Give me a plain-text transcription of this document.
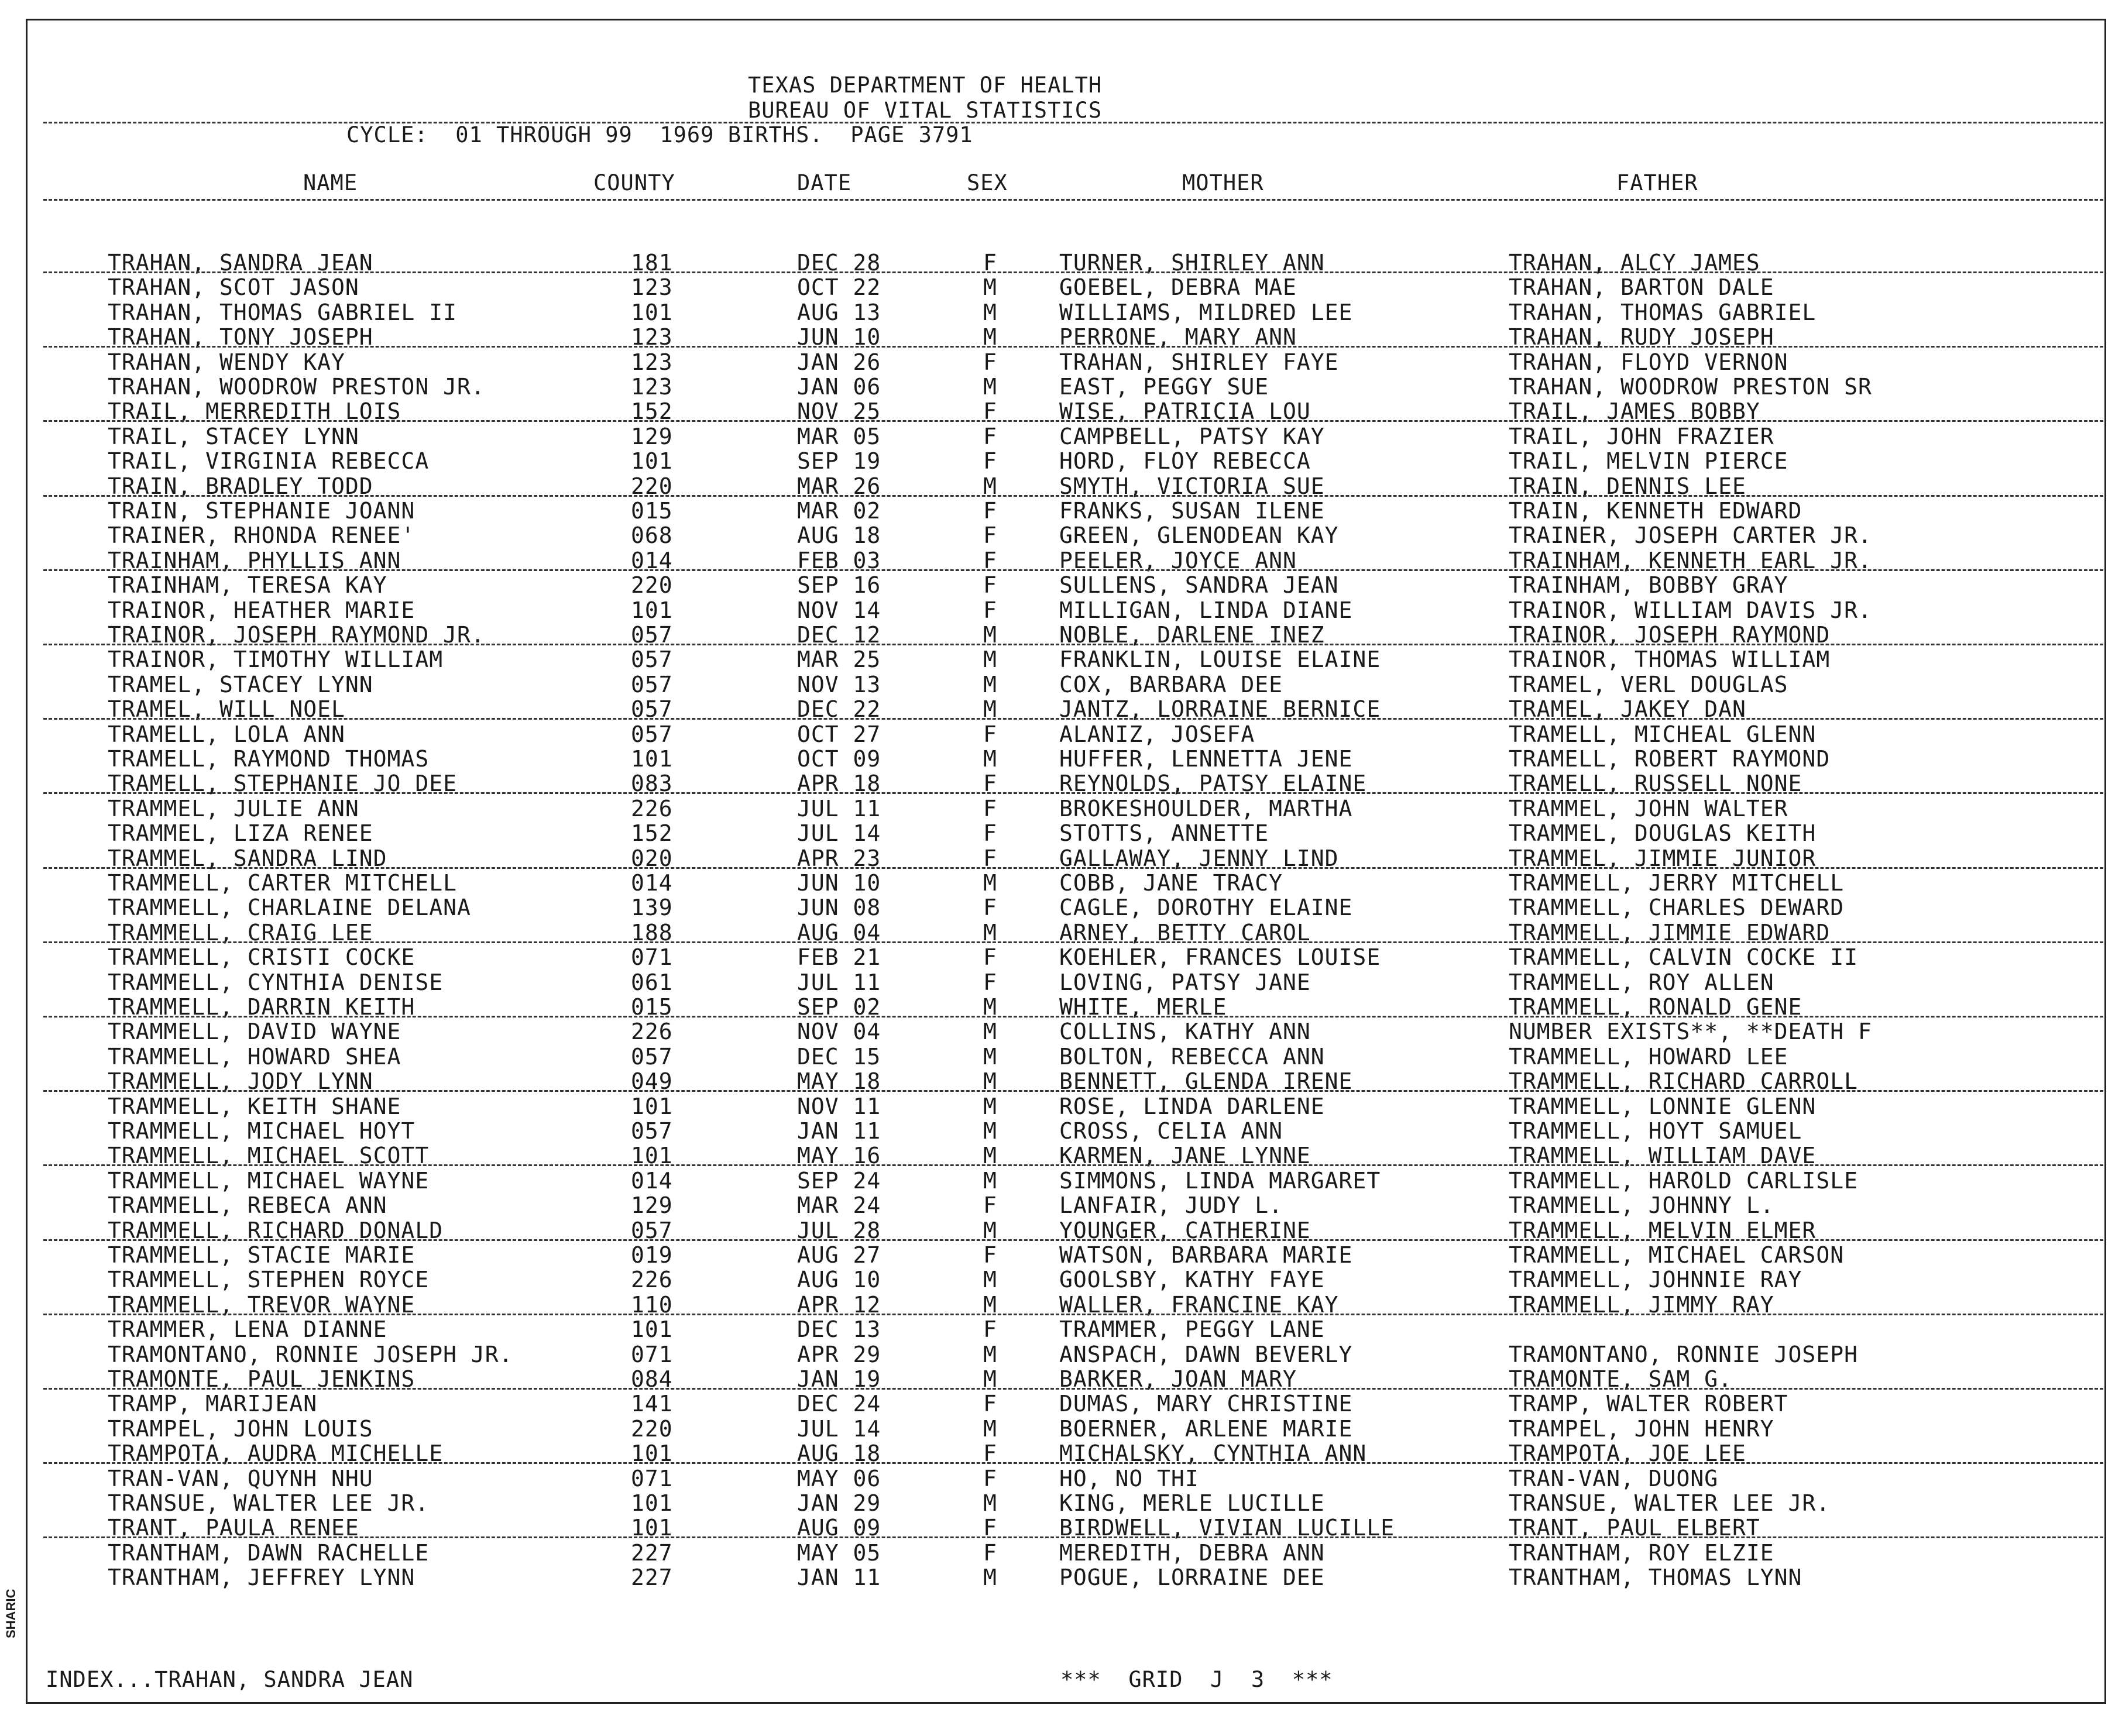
TEXAS DEPARTMENT OF HEALTH
BUREAU OF VITAL STATISTICS
CYCLE:  01 THROUGH 99  1969 BIRTHS.  PAGE 3791
NAME	COUNTY	DATE	SEX	MOTHER	FATHER
TRAHAN, SANDRA JEAN	181	DEC 28	F	TURNER, SHIRLEY ANN	TRAHAN, ALCY JAMES
TRAHAN, SCOT JASON	123	OCT 22	M	GOEBEL, DEBRA MAE	TRAHAN, BARTON DALE
TRAHAN, THOMAS GABRIEL II	101	AUG 13	M	WILLIAMS, MILDRED LEE	TRAHAN, THOMAS GABRIEL
TRAHAN, TONY JOSEPH	123	JUN 10	M	PERRONE, MARY ANN	TRAHAN, RUDY JOSEPH
TRAHAN, WENDY KAY	123	JAN 26	F	TRAHAN, SHIRLEY FAYE	TRAHAN, FLOYD VERNON
TRAHAN, WOODROW PRESTON JR.	123	JAN 06	M	EAST, PEGGY SUE	TRAHAN, WOODROW PRESTON SR
TRAIL, MERREDITH LOIS	152	NOV 25	F	WISE, PATRICIA LOU	TRAIL, JAMES BOBBY
TRAIL, STACEY LYNN	129	MAR 05	F	CAMPBELL, PATSY KAY	TRAIL, JOHN FRAZIER
TRAIL, VIRGINIA REBECCA	101	SEP 19	F	HORD, FLOY REBECCA	TRAIL, MELVIN PIERCE
TRAIN, BRADLEY TODD	220	MAR 26	M	SMYTH, VICTORIA SUE	TRAIN, DENNIS LEE
TRAIN, STEPHANIE JOANN	015	MAR 02	F	FRANKS, SUSAN ILENE	TRAIN, KENNETH EDWARD
TRAINER, RHONDA RENEE'	068	AUG 18	F	GREEN, GLENODEAN KAY	TRAINER, JOSEPH CARTER JR.
TRAINHAM, PHYLLIS ANN	014	FEB 03	F	PEELER, JOYCE ANN	TRAINHAM, KENNETH EARL JR.
TRAINHAM, TERESA KAY	220	SEP 16	F	SULLENS, SANDRA JEAN	TRAINHAM, BOBBY GRAY
TRAINOR, HEATHER MARIE	101	NOV 14	F	MILLIGAN, LINDA DIANE	TRAINOR, WILLIAM DAVIS JR.
TRAINOR, JOSEPH RAYMOND JR.	057	DEC 12	M	NOBLE, DARLENE INEZ	TRAINOR, JOSEPH RAYMOND
TRAINOR, TIMOTHY WILLIAM	057	MAR 25	M	FRANKLIN, LOUISE ELAINE	TRAINOR, THOMAS WILLIAM
TRAMEL, STACEY LYNN	057	NOV 13	M	COX, BARBARA DEE	TRAMEL, VERL DOUGLAS
TRAMEL, WILL NOEL	057	DEC 22	M	JANTZ, LORRAINE BERNICE	TRAMEL, JAKEY DAN
TRAMELL, LOLA ANN	057	OCT 27	F	ALANIZ, JOSEFA	TRAMELL, MICHEAL GLENN
TRAMELL, RAYMOND THOMAS	101	OCT 09	M	HUFFER, LENNETTA JENE	TRAMELL, ROBERT RAYMOND
TRAMELL, STEPHANIE JO DEE	083	APR 18	F	REYNOLDS, PATSY ELAINE	TRAMELL, RUSSELL NONE
TRAMMEL, JULIE ANN	226	JUL 11	F	BROKESHOULDER, MARTHA	TRAMMEL, JOHN WALTER
TRAMMEL, LIZA RENEE	152	JUL 14	F	STOTTS, ANNETTE	TRAMMEL, DOUGLAS KEITH
TRAMMEL, SANDRA LIND	020	APR 23	F	GALLAWAY, JENNY LIND	TRAMMEL, JIMMIE JUNIOR
TRAMMELL, CARTER MITCHELL	014	JUN 10	M	COBB, JANE TRACY	TRAMMELL, JERRY MITCHELL
TRAMMELL, CHARLAINE DELANA	139	JUN 08	F	CAGLE, DOROTHY ELAINE	TRAMMELL, CHARLES DEWARD
TRAMMELL, CRAIG LEE	188	AUG 04	M	ARNEY, BETTY CAROL	TRAMMELL, JIMMIE EDWARD
TRAMMELL, CRISTI COCKE	071	FEB 21	F	KOEHLER, FRANCES LOUISE	TRAMMELL, CALVIN COCKE II
TRAMMELL, CYNTHIA DENISE	061	JUL 11	F	LOVING, PATSY JANE	TRAMMELL, ROY ALLEN
TRAMMELL, DARRIN KEITH	015	SEP 02	M	WHITE, MERLE	TRAMMELL, RONALD GENE
TRAMMELL, DAVID WAYNE	226	NOV 04	M	COLLINS, KATHY ANN	NUMBER EXISTS**, **DEATH F
TRAMMELL, HOWARD SHEA	057	DEC 15	M	BOLTON, REBECCA ANN	TRAMMELL, HOWARD LEE
TRAMMELL, JODY LYNN	049	MAY 18	M	BENNETT, GLENDA IRENE	TRAMMELL, RICHARD CARROLL
TRAMMELL, KEITH SHANE	101	NOV 11	M	ROSE, LINDA DARLENE	TRAMMELL, LONNIE GLENN
TRAMMELL, MICHAEL HOYT	057	JAN 11	M	CROSS, CELIA ANN	TRAMMELL, HOYT SAMUEL
TRAMMELL, MICHAEL SCOTT	101	MAY 16	M	KARMEN, JANE LYNNE	TRAMMELL, WILLIAM DAVE
TRAMMELL, MICHAEL WAYNE	014	SEP 24	M	SIMMONS, LINDA MARGARET	TRAMMELL, HAROLD CARLISLE
TRAMMELL, REBECA ANN	129	MAR 24	F	LANFAIR, JUDY L.	TRAMMELL, JOHNNY L.
TRAMMELL, RICHARD DONALD	057	JUL 28	M	YOUNGER, CATHERINE	TRAMMELL, MELVIN ELMER
TRAMMELL, STACIE MARIE	019	AUG 27	F	WATSON, BARBARA MARIE	TRAMMELL, MICHAEL CARSON
TRAMMELL, STEPHEN ROYCE	226	AUG 10	M	GOOLSBY, KATHY FAYE	TRAMMELL, JOHNNIE RAY
TRAMMELL, TREVOR WAYNE	110	APR 12	M	WALLER, FRANCINE KAY	TRAMMELL, JIMMY RAY
TRAMMER, LENA DIANNE	101	DEC 13	F	TRAMMER, PEGGY LANE
TRAMONTANO, RONNIE JOSEPH JR.	071	APR 29	M	ANSPACH, DAWN BEVERLY	TRAMONTANO, RONNIE JOSEPH
TRAMONTE, PAUL JENKINS	084	JAN 19	M	BARKER, JOAN MARY	TRAMONTE, SAM G.
TRAMP, MARIJEAN	141	DEC 24	F	DUMAS, MARY CHRISTINE	TRAMP, WALTER ROBERT
TRAMPEL, JOHN LOUIS	220	JUL 14	M	BOERNER, ARLENE MARIE	TRAMPEL, JOHN HENRY
TRAMPOTA, AUDRA MICHELLE	101	AUG 18	F	MICHALSKY, CYNTHIA ANN	TRAMPOTA, JOE LEE
TRAN-VAN, QUYNH NHU	071	MAY 06	F	HO, NO THI	TRAN-VAN, DUONG
TRANSUE, WALTER LEE JR.	101	JAN 29	M	KING, MERLE LUCILLE	TRANSUE, WALTER LEE JR.
TRANT, PAULA RENEE	101	AUG 09	F	BIRDWELL, VIVIAN LUCILLE	TRANT, PAUL ELBERT
TRANTHAM, DAWN RACHELLE	227	MAY 05	F	MEREDITH, DEBRA ANN	TRANTHAM, ROY ELZIE
TRANTHAM, JEFFREY LYNN	227	JAN 11	M	POGUE, LORRAINE DEE	TRANTHAM, THOMAS LYNN
INDEX...TRAHAN, SANDRA JEAN	***  GRID  J  3  ***
SHARIC
